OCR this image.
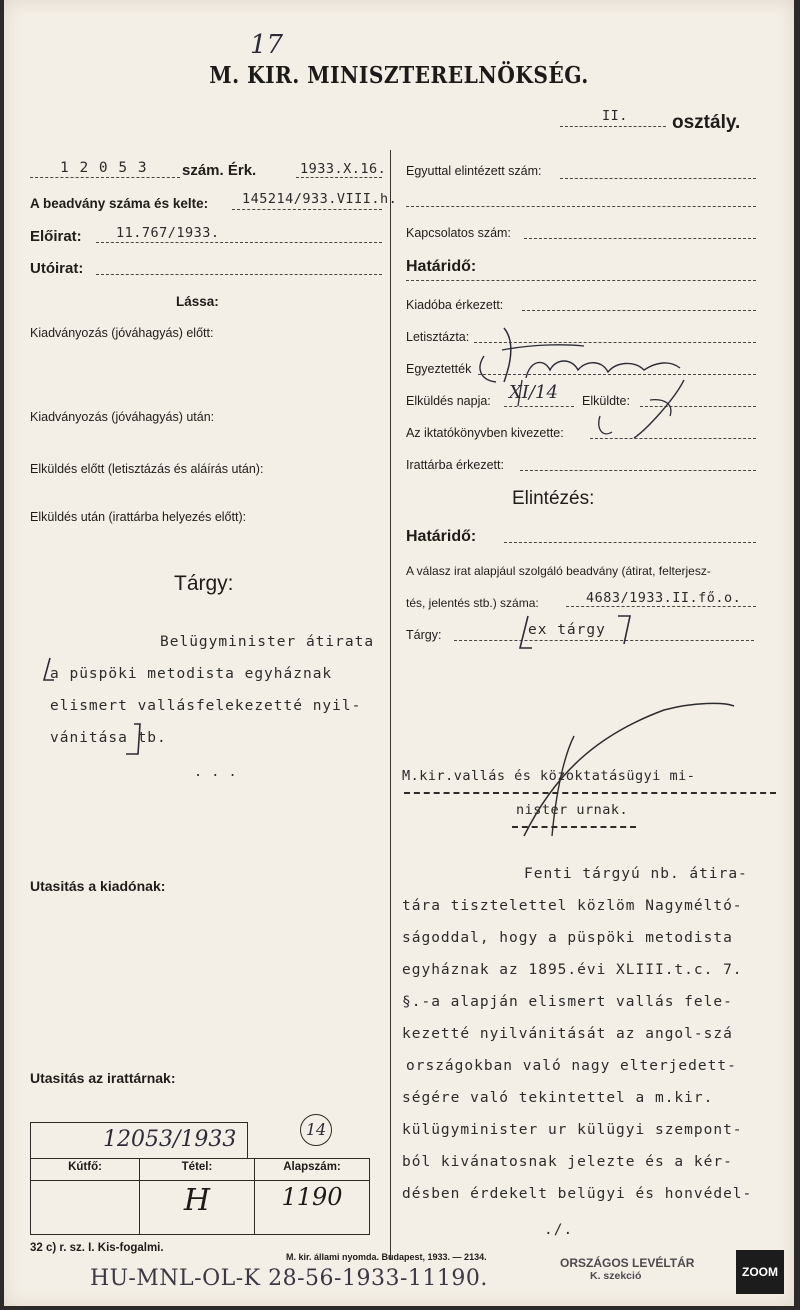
17
M. KIR. MINISZTERELNÖKSÉG.
II. osztály.
1 2 0 5 3 szám. Érk.	1933.X.16.
A beadvány száma és kelte:	145214/933.VIII.h.
Előirat:	11.767/1933.
Utóirat:
Lássa:
Kiadványozás (jóváhagyás) előtt:
Kiadványozás (jóváhagyás) után:
Elküldés előtt (letisztázás és aláírás után):
Elküldés után (irattárba helyezés előtt):
Tárgy:
Belügyminister átirata
a püspöki metodista egyháznak
elismert vallásfelekezetté nyil-
vánitása tb.
. . .
Utasitás a kiadónak:
Utasitás az irattárnak:
12053/1933	14
Kútfő:	Tétel:	Alapszám:
	H	1190
32 c) r. sz. I. Kis-fogalmi.
Egyuttal elintézett szám:
Kapcsolatos szám:
Határidő:
Kiadóba érkezett:
Letisztázta:
Egyeztették
Elküldés napja: XI/14 Elküldte:
Az iktatókönyvben kivezette:
Irattárba érkezett:
Elintézés:
Határidő:
A válasz irat alapjául szolgáló beadvány (átirat, felterjesz-
tés, jelentés stb.) száma:	4683/1933.II.fő.o.
Tárgy:	ex tárgy
M.kir.vallás és közoktatásügyi mi-
nister urnak.
Fenti tárgyú nb. átira-
tára tisztelettel közlöm Nagyméltó-
ságoddal, hogy a püspöki metodista
egyháznak az 1895.évi XLIII.t.c. 7.
§.-a alapján elismert vallás fele-
kezetté nyilvánitását az angol-szá
országokban való nagy elterjedett-
ségére való tekintettel a m.kir.
külügyminister ur külügyi szempont-
ból kivánatosnak jelezte és a kér-
désben érdekelt belügyi és honvédel-
./.
M. kir. állami nyomda. Budapest, 1933. — 2134.	ORSZÁGOS LEVÉLTÁR
K. szekció
HU-MNL-OL-K 28-56-1933-11190.	ZOOM
